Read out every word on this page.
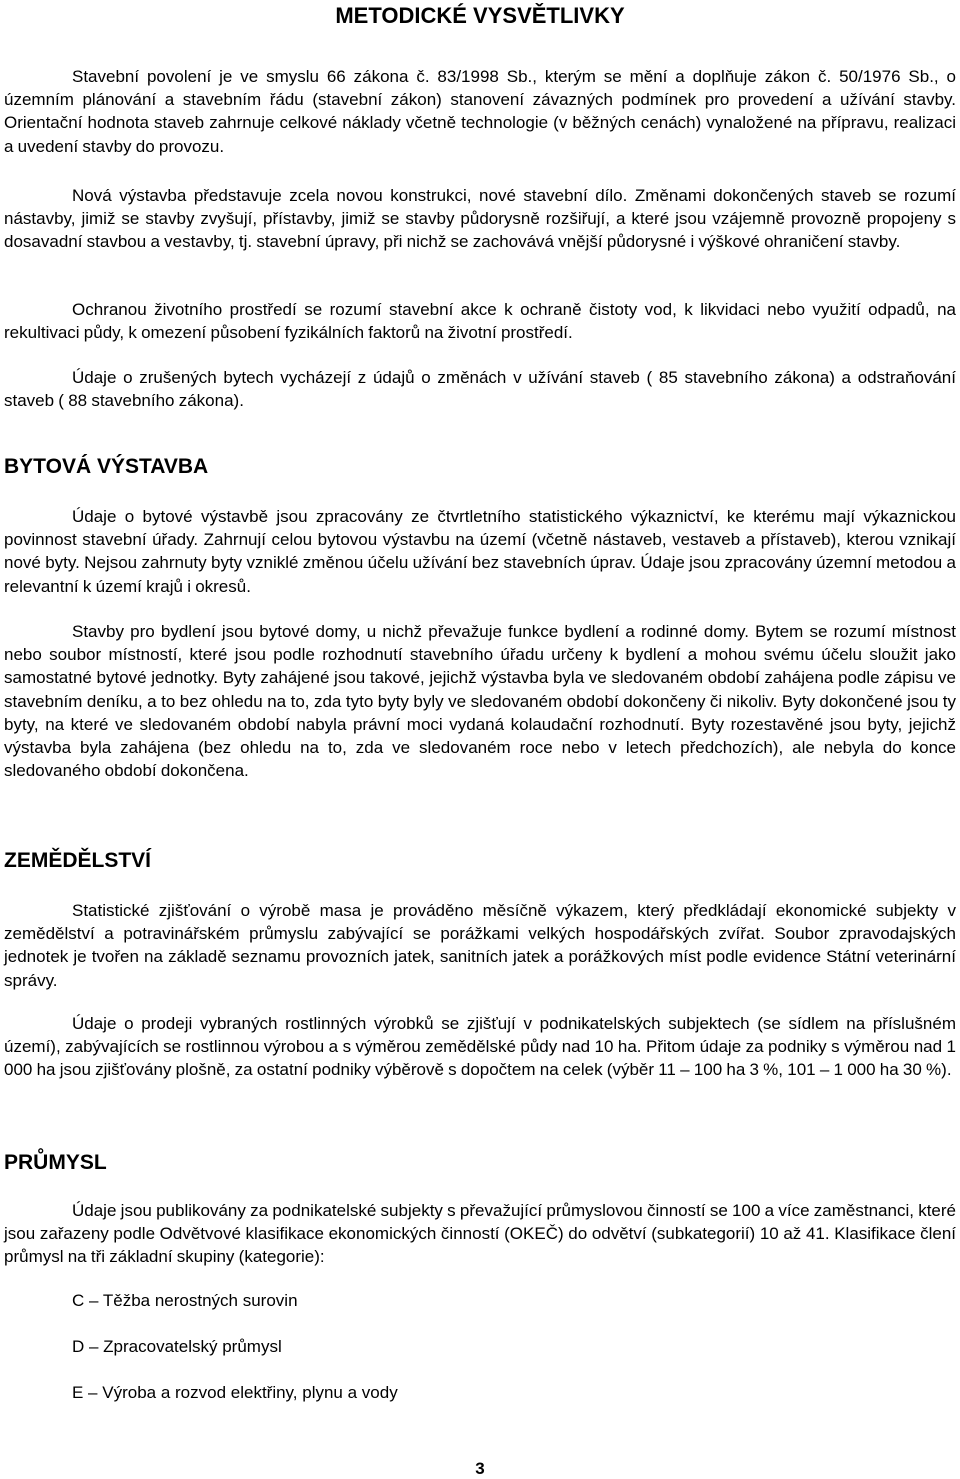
METODICKÉ VYSVĚTLIVKY

Stavební povolení je ve smyslu 66 zákona č. 83/1998 Sb., kterým se mění a doplňuje zákon č. 50/1976 Sb., o územním plánování a stavebním řádu (stavební zákon) stanovení závazných podmínek pro provedení a užívání stavby. Orientační hodnota staveb zahrnuje celkové náklady včetně technologie (v běžných cenách) vynaložené na přípravu, realizaci a uvedení stavby do provozu.

Nová výstavba představuje zcela novou konstrukci, nové stavební dílo. Změnami dokončených staveb se rozumí nástavby, jimiž se stavby zvyšují, přístavby, jimiž se stavby půdorysně rozšiřují, a které jsou vzájemně provozně propojeny s dosavadní stavbou a vestavby, tj. stavební úpravy, při nichž se zachovává vnější půdorysné i výškové ohraničení stavby.

Ochranou životního prostředí se rozumí stavební akce k ochraně čistoty vod, k likvidaci nebo využití odpadů, na rekultivaci půdy, k omezení působení fyzikálních faktorů na životní prostředí.

Údaje o zrušených bytech vycházejí z údajů o změnách v užívání staveb ( 85 stavebního zákona) a odstraňování staveb ( 88 stavebního zákona).

BYTOVÁ VÝSTAVBA

Údaje o bytové výstavbě jsou zpracovány ze čtvrtletního statistického výkaznictví, ke kterému mají výkaznickou povinnost stavební úřady. Zahrnují celou bytovou výstavbu na území (včetně nástaveb, vestaveb a přístaveb), kterou vznikají nové byty. Nejsou zahrnuty byty vzniklé změnou účelu užívání bez stavebních úprav. Údaje jsou zpracovány územní metodou a relevantní k území krajů i okresů.

Stavby pro bydlení jsou bytové domy, u nichž převažuje funkce bydlení a rodinné domy. Bytem se rozumí místnost nebo soubor místností, které jsou podle rozhodnutí stavebního úřadu určeny k bydlení a mohou svému účelu sloužit jako samostatné bytové jednotky. Byty zahájené jsou takové, jejichž výstavba byla ve sledovaném období zahájena podle zápisu ve stavebním deníku, a to bez ohledu na to, zda tyto byty byly ve sledovaném období dokončeny či nikoliv. Byty dokončené jsou ty byty, na které ve sledovaném období nabyla právní moci vydaná kolaudační rozhodnutí. Byty rozestavěné jsou byty, jejichž výstavba byla zahájena (bez ohledu na to, zda ve sledovaném roce nebo v letech předchozích), ale nebyla do konce sledovaného období dokončena.

ZEMĚDĚLSTVÍ

Statistické zjišťování o výrobě masa je prováděno měsíčně výkazem, který předkládají ekonomické subjekty v zemědělství a potravinářském průmyslu zabývající se porážkami velkých hospodářských zvířat. Soubor zpravodajských jednotek je tvořen na základě seznamu provozních jatek, sanitních jatek a porážkových míst podle evidence Státní veterinární správy.

Údaje o prodeji vybraných rostlinných výrobků se zjišťují v podnikatelských subjektech (se sídlem na příslušném území), zabývajících se rostlinnou výrobou a s výměrou zemědělské půdy nad 10 ha. Přitom údaje za podniky s výměrou nad 1 000 ha jsou zjišťovány plošně, za ostatní podniky výběrově s dopočtem na celek (výběr 11 – 100 ha 3 %, 101 – 1 000 ha 30 %).

PRŮMYSL

Údaje jsou publikovány za podnikatelské subjekty s převažující průmyslovou činností se 100 a více zaměstnanci, které jsou zařazeny podle Odvětvové klasifikace ekonomických činností (OKEČ) do odvětví (subkategorií) 10 až 41. Klasifikace člení průmysl na tři základní skupiny (kategorie):

C – Těžba nerostných surovin

D – Zpracovatelský průmysl

E – Výroba a rozvod elektřiny, plynu a vody

3
